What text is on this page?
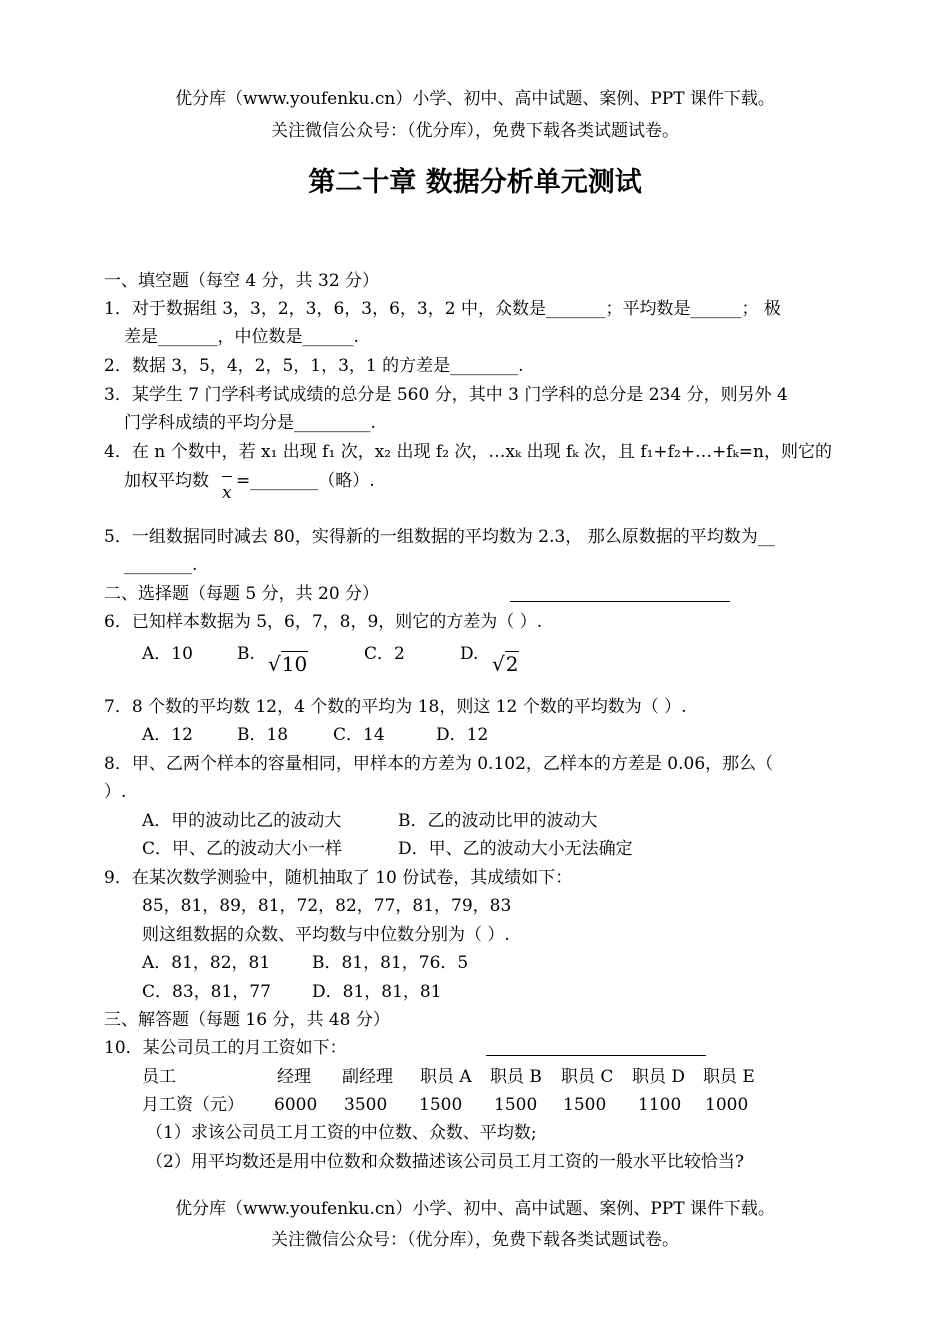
优分库（www.youfenku.cn）小学、初中、高中试题、案例、PPT 课件下载。
关注微信公众号：（优分库），免费下载各类试题试卷。
第二十章 数据分析单元测试
一、填空题（每空 4 分，共 32 分）
1．对于数据组 3，3，2，3，6，3，6，3，2 中，众数是_______；平均数是______； 极
差是_______，中位数是______.
2．数据 3，5，4，2，5，1，3，1 的方差是________.
3．某学生 7 门学科考试成绩的总分是 560 分，其中 3 门学科的总分是 234 分，则另外 4
门学科成绩的平均分是_________.
4．在 n 个数中，若 x₁ 出现 f₁ 次，x₂ 出现 f₂ 次，…xₖ 出现 fₖ 次，且 f₁+f₂+…+fₖ=n，则它的
加权平均数
x
=________（略）.
5．一组数据同时减去 80，实得新的一组数据的平均数为 2.3， 那么原数据的平均数为__
________.
二、选择题（每题 5 分，共 20 分）
6．已知样本数据为 5，6，7，8，9，则它的方差为（ ）.
A．10	B. √10	C．2	D. √2
7．8 个数的平均数 12，4 个数的平均为 18，则这 12 个数的平均数为（ ）.
A．12	B．18	C．14	D．12
8．甲、乙两个样本的容量相同，甲样本的方差为 0.102，乙样本的方差是 0.06，那么（
）.
A．甲的波动比乙的波动大	B．乙的波动比甲的波动大
C．甲、乙的波动大小一样	D．甲、乙的波动大小无法确定
9．在某次数学测验中，随机抽取了 10 份试卷，其成绩如下：
85，81，89，81，72，82，77，81，79，83
则这组数据的众数、平均数与中位数分别为（ ）.
A．81，82，81 B．81，81，76．5
C．83，81，77 D．81，81，81
三、解答题（每题 16 分，共 48 分）
10．某公司员工的月工资如下：
员工	经理 副经理 职员 A 职员 B 职员 C 职员 D 职员 E
月工资（元） 6000 3500 1500 1500 1500 1100 1000
（1）求该公司员工月工资的中位数、众数、平均数;
（2）用平均数还是用中位数和众数描述该公司员工月工资的一般水平比较恰当?
优分库（www.youfenku.cn）小学、初中、高中试题、案例、PPT 课件下载。
关注微信公众号：（优分库），免费下载各类试题试卷。
